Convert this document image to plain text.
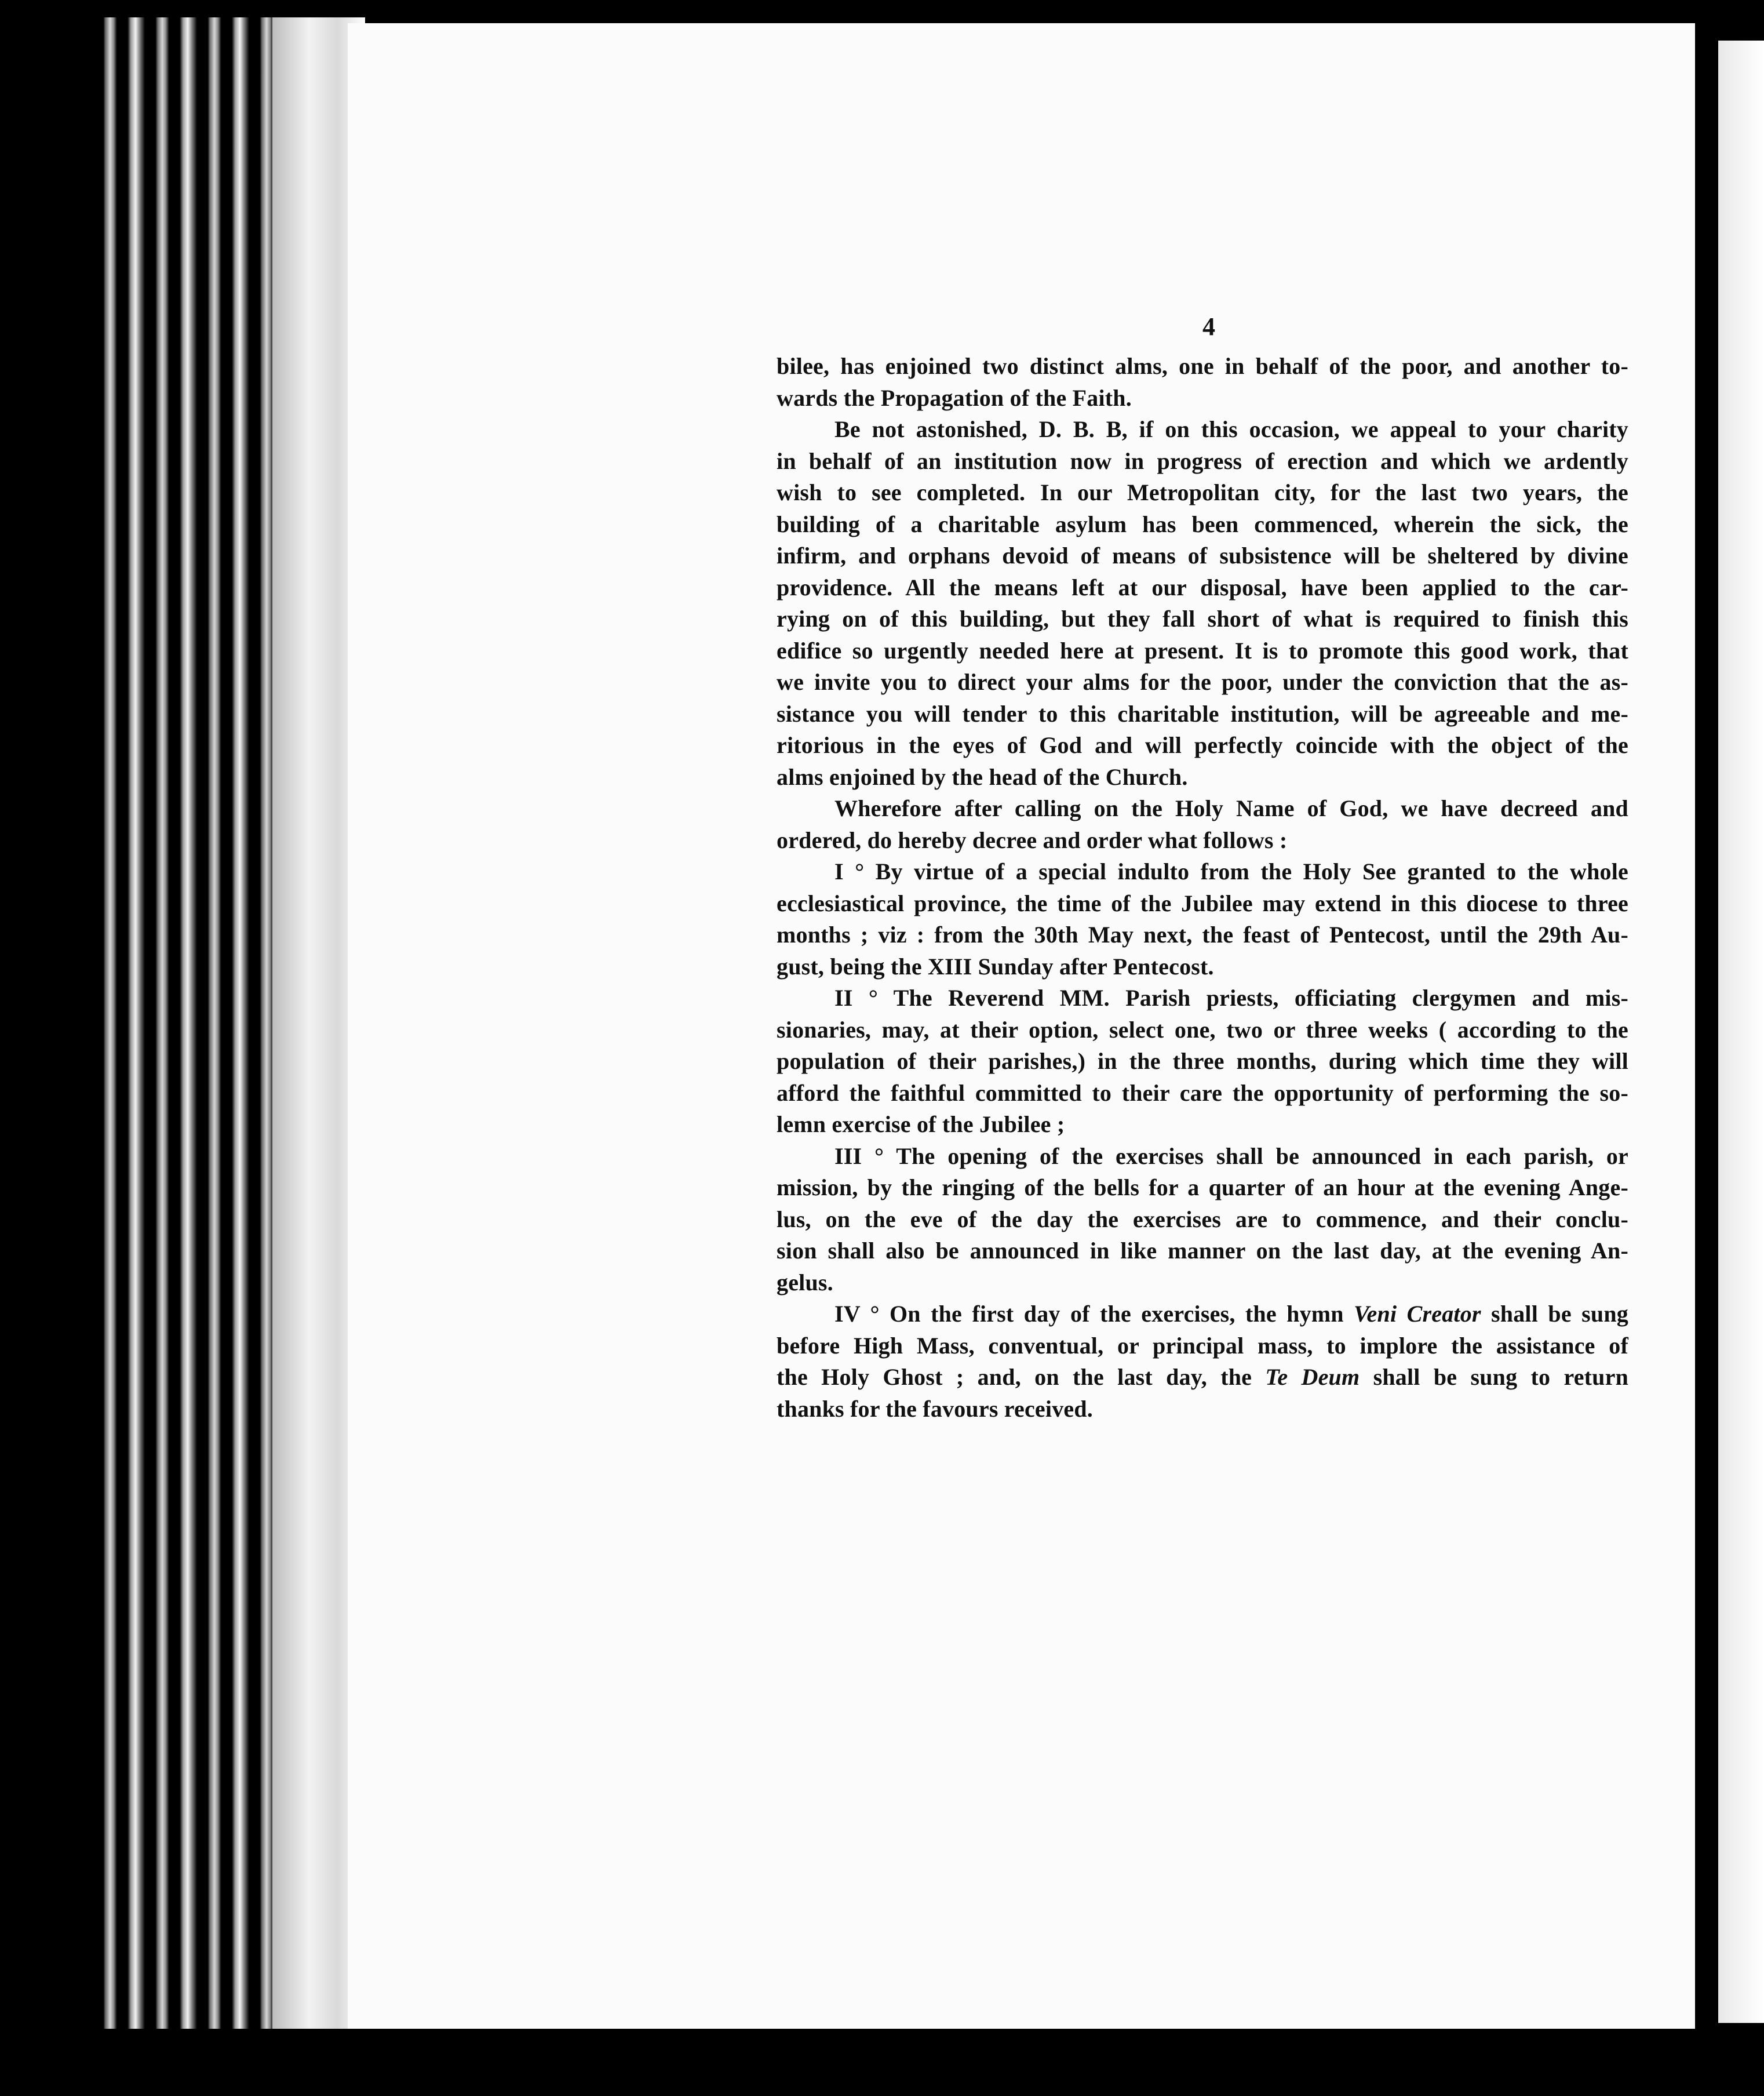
4
bilee, has enjoined two distinct alms, one in behalf of the poor, and another to-
wards the Propagation of the Faith.
Be not astonished, D. B. B, if on this occasion, we appeal to your charity
in behalf of an institution now in progress of erection and which we ardently
wish to see completed. In our Metropolitan city, for the last two years, the
building of a charitable asylum has been commenced, wherein the sick, the
infirm, and orphans devoid of means of subsistence will be sheltered by divine
providence. All the means left at our disposal, have been applied to the car-
rying on of this building, but they fall short of what is required to finish this
edifice so urgently needed here at present. It is to promote this good work, that
we invite you to direct your alms for the poor, under the conviction that the as-
sistance you will tender to this charitable institution, will be agreeable and me-
ritorious in the eyes of God and will perfectly coincide with the object of the
alms enjoined by the head of the Church.
Wherefore after calling on the Holy Name of God, we have decreed and
ordered, do hereby decree and order what follows :
I ° By virtue of a special indulto from the Holy See granted to the whole
ecclesiastical province, the time of the Jubilee may extend in this diocese to three
months ; viz : from the 30th May next, the feast of Pentecost, until the 29th Au-
gust, being the XIII Sunday after Pentecost.
II ° The Reverend MM. Parish priests, officiating clergymen and mis-
sionaries, may, at their option, select one, two or three weeks ( according to the
population of their parishes,) in the three months, during which time they will
afford the faithful committed to their care the opportunity of performing the so-
lemn exercise of the Jubilee ;
III ° The opening of the exercises shall be announced in each parish, or
mission, by the ringing of the bells for a quarter of an hour at the evening Ange-
lus, on the eve of the day the exercises are to commence, and their conclu-
sion shall also be announced in like manner on the last day, at the evening An-
gelus.
IV ° On the first day of the exercises, the hymn Veni Creator shall be sung
before High Mass, conventual, or principal mass, to implore the assistance of
the Holy Ghost ; and, on the last day, the Te Deum shall be sung to return
thanks for the favours received.
